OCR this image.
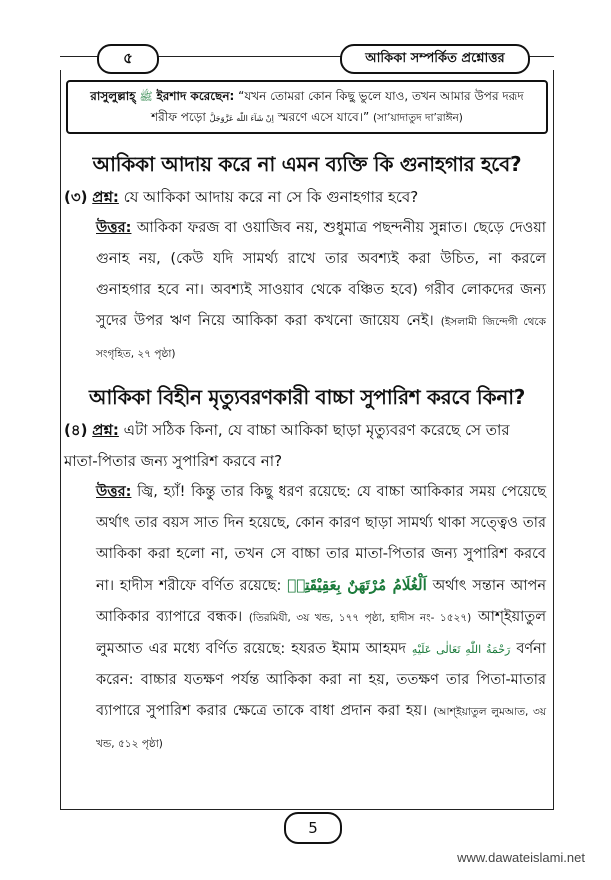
৫	আকিকা সম্পর্কিত প্রশ্নোত্তর
রাসুলুল্লাহ্ ﷺ ইরশাদ করেছেন: “যখন তোমরা কোন কিছু ভুলে যাও, তখন আমার উপর দরূদ শরীফ পড়ো اِنْ شَآءَ اللّٰه عَزَّوَجَلَّ স্মরণে এসে যাবে।” (সা’য়াদাতুদ দা’রাঈন)
আকিকা আদায় করে না এমন ব্যক্তি কি গুনাহগার হবে?
(৩) প্রশ্ন: যে আকিকা আদায় করে না সে কি গুনাহগার হবে?
উত্তর: আকিকা ফরজ বা ওয়াজিব নয়, শুধুমাত্র পছন্দনীয় সুন্নাত। ছেড়ে দেওয়া গুনাহ নয়, (কেউ যদি সামর্থ্য রাখে তার অবশ্যই করা উচিত, না করলে গুনাহগার হবে না। অবশ্যই সাওয়াব থেকে বঞ্চিত হবে) গরীব লোকদের জন্য সুদের উপর ঋণ নিয়ে আকিকা করা কখনো জায়েয নেই। (ইসলামী জিন্দেগী থেকে সংগৃহিত, ২৭ পৃষ্ঠা)
আকিকা বিহীন মৃত্যুবরণকারী বাচ্চা সুপারিশ করবে কিনা?
(৪) প্রশ্ন: এটা সঠিক কিনা, যে বাচ্চা আকিকা ছাড়া মৃত্যুবরণ করেছে সে তার মাতা-পিতার জন্য সুপারিশ করবে না?
উত্তর: জ্বি, হ্যাঁ! কিন্তু তার কিছু ধরণ রয়েছে: যে বাচ্চা আকিকার সময় পেয়েছে অর্থাৎ তার বয়স সাত দিন হয়েছে, কোন কারণ ছাড়া সামর্থ্য থাকা সত্ত্বেও তার আকিকা করা হলো না, তখন সে বাচ্চা তার মাতা-পিতার জন্য সুপারিশ করবে না। হাদীস শরীফে বর্ণিত রয়েছে: اَلْغُلَامُ مُرْتَهَنٌ بِعَقِيْقَتِهٖ অর্থাৎ সন্তান আপন আকিকার ব্যাপারে বন্ধক। (তিরমিযী, ৩য় খন্ড, ১৭৭ পৃষ্ঠা, হাদীস নং- ১৫২৭) আশ্ইয়াতুল লুমআত এর মধ্যে বর্ণিত রয়েছে: হযরত ইমাম আহমদ رَحْمَةُ اللّٰهِ تَعَالٰى عَلَيْهِ বর্ণনা করেন: বাচ্চার যতক্ষণ পর্যন্ত আকিকা করা না হয়, ততক্ষণ তার পিতা-মাতার ব্যাপারে সুপারিশ করার ক্ষেত্রে তাকে বাধা প্রদান করা হয়। (আশ্ইয়াতুল লুমআত, ৩য় খন্ড, ৫১২ পৃষ্ঠা)
5
www.dawateislami.net
